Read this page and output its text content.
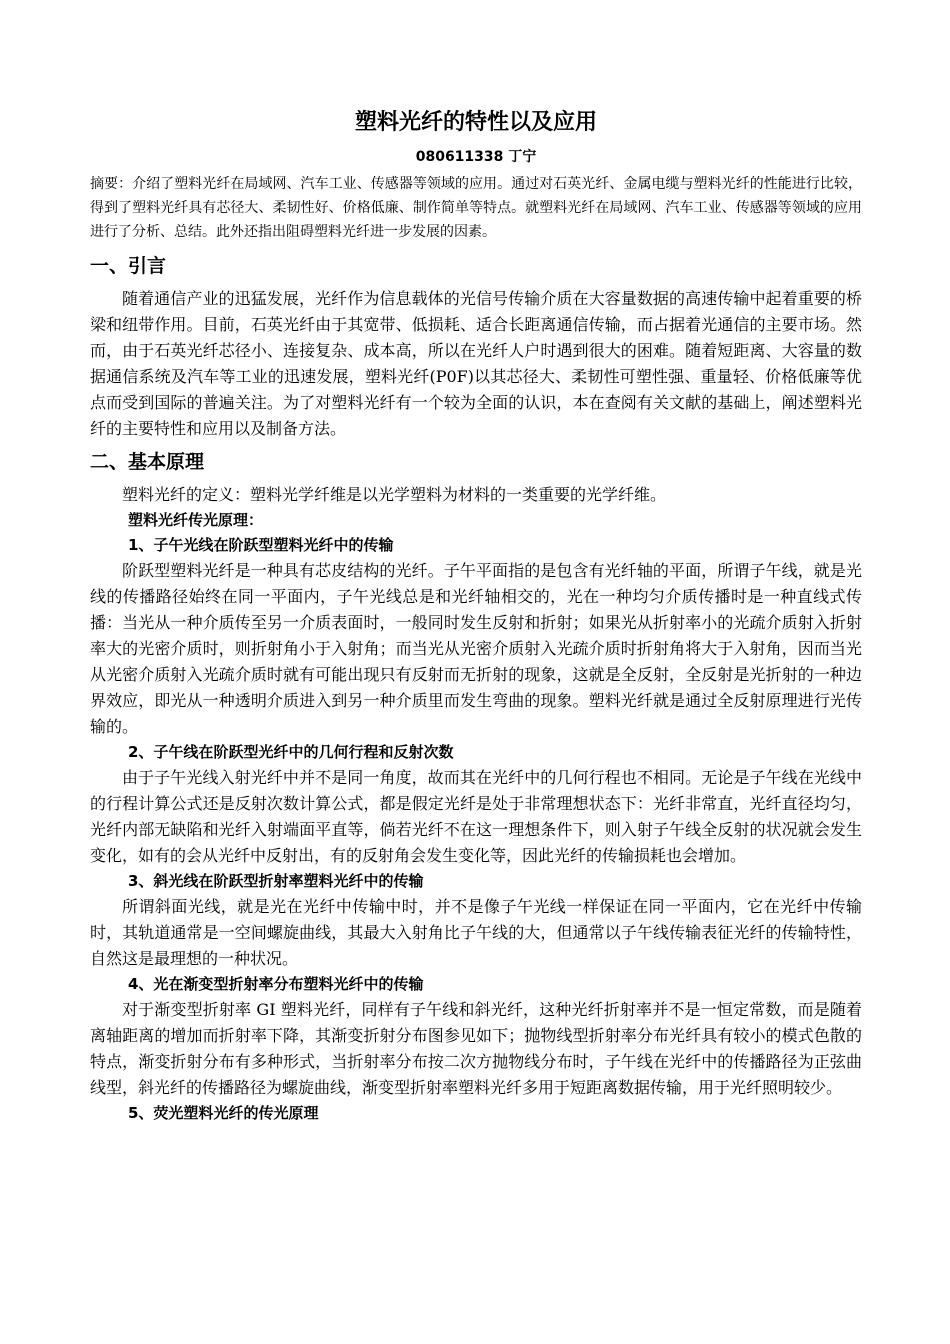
塑料光纤的特性以及应用
080611338 丁宁

摘要：介绍了塑料光纤在局域网、汽车工业、传感器等领域的应用。通过对石英光纤、金属电缆与塑料光纤的性能进行比较，得到了塑料光纤具有芯径大、柔韧性好、价格低廉、制作简单等特点。就塑料光纤在局域网、汽车工业、传感器等领域的应用进行了分析、总结。此外还指出阻碍塑料光纤进一步发展的因素。

一、引言

随着通信产业的迅猛发展，光纤作为信息载体的光信号传输介质在大容量数据的高速传输中起着重要的桥梁和纽带作用。目前，石英光纤由于其宽带、低损耗、适合长距离通信传输，而占据着光通信的主要市场。然而，由于石英光纤芯径小、连接复杂、成本高，所以在光纤人户时遇到很大的困难。随着短距离、大容量的数据通信系统及汽车等工业的迅速发展，塑料光纤(P0F)以其芯径大、柔韧性可塑性强、重量轻、价格低廉等优点而受到国际的普遍关注。为了对塑料光纤有一个较为全面的认识，本在查阅有关文献的基础上，阐述塑料光纤的主要特性和应用以及制备方法。

二、基本原理

塑料光纤的定义：塑料光学纤维是以光学塑料为材料的一类重要的光学纤维。

塑料光纤传光原理：
1、子午光线在阶跃型塑料光纤中的传输

阶跃型塑料光纤是一种具有芯皮结构的光纤。子午平面指的是包含有光纤轴的平面，所谓子午线，就是光线的传播路径始终在同一平面内，子午光线总是和光纤轴相交的，光在一种均匀介质传播时是一种直线式传播：当光从一种介质传至另一介质表面时，一般同时发生反射和折射；如果光从折射率小的光疏介质射入折射率大的光密介质时，则折射角小于入射角；而当光从光密介质射入光疏介质时折射角将大于入射角，因而当光从光密介质射入光疏介质时就有可能出现只有反射而无折射的现象，这就是全反射，全反射是光折射的一种边界效应，即光从一种透明介质进入到另一种介质里而发生弯曲的现象。塑料光纤就是通过全反射原理进行光传输的。

2、子午线在阶跃型光纤中的几何行程和反射次数

由于子午光线入射光纤中并不是同一角度，故而其在光纤中的几何行程也不相同。无论是子午线在光线中的行程计算公式还是反射次数计算公式，都是假定光纤是处于非常理想状态下：光纤非常直，光纤直径均匀，光纤内部无缺陷和光纤入射端面平直等，倘若光纤不在这一理想条件下，则入射子午线全反射的状况就会发生变化，如有的会从光纤中反射出，有的反射角会发生变化等，因此光纤的传输损耗也会增加。

3、斜光线在阶跃型折射率塑料光纤中的传输

所谓斜面光线，就是光在光纤中传输中时，并不是像子午光线一样保证在同一平面内，它在光纤中传输时，其轨道通常是一空间螺旋曲线，其最大入射角比子午线的大，但通常以子午线传输表征光纤的传输特性，自然这是最理想的一种状况。

4、光在渐变型折射率分布塑料光纤中的传输

对于渐变型折射率 GI 塑料光纤，同样有子午线和斜光纤，这种光纤折射率并不是一恒定常数，而是随着离轴距离的增加而折射率下降，其渐变折射分布图参见如下；抛物线型折射率分布光纤具有较小的模式色散的特点，渐变折射分布有多种形式，当折射率分布按二次方抛物线分布时，子午线在光纤中的传播路径为正弦曲线型，斜光纤的传播路径为螺旋曲线，渐变型折射率塑料光纤多用于短距离数据传输，用于光纤照明较少。

5、荧光塑料光纤的传光原理
